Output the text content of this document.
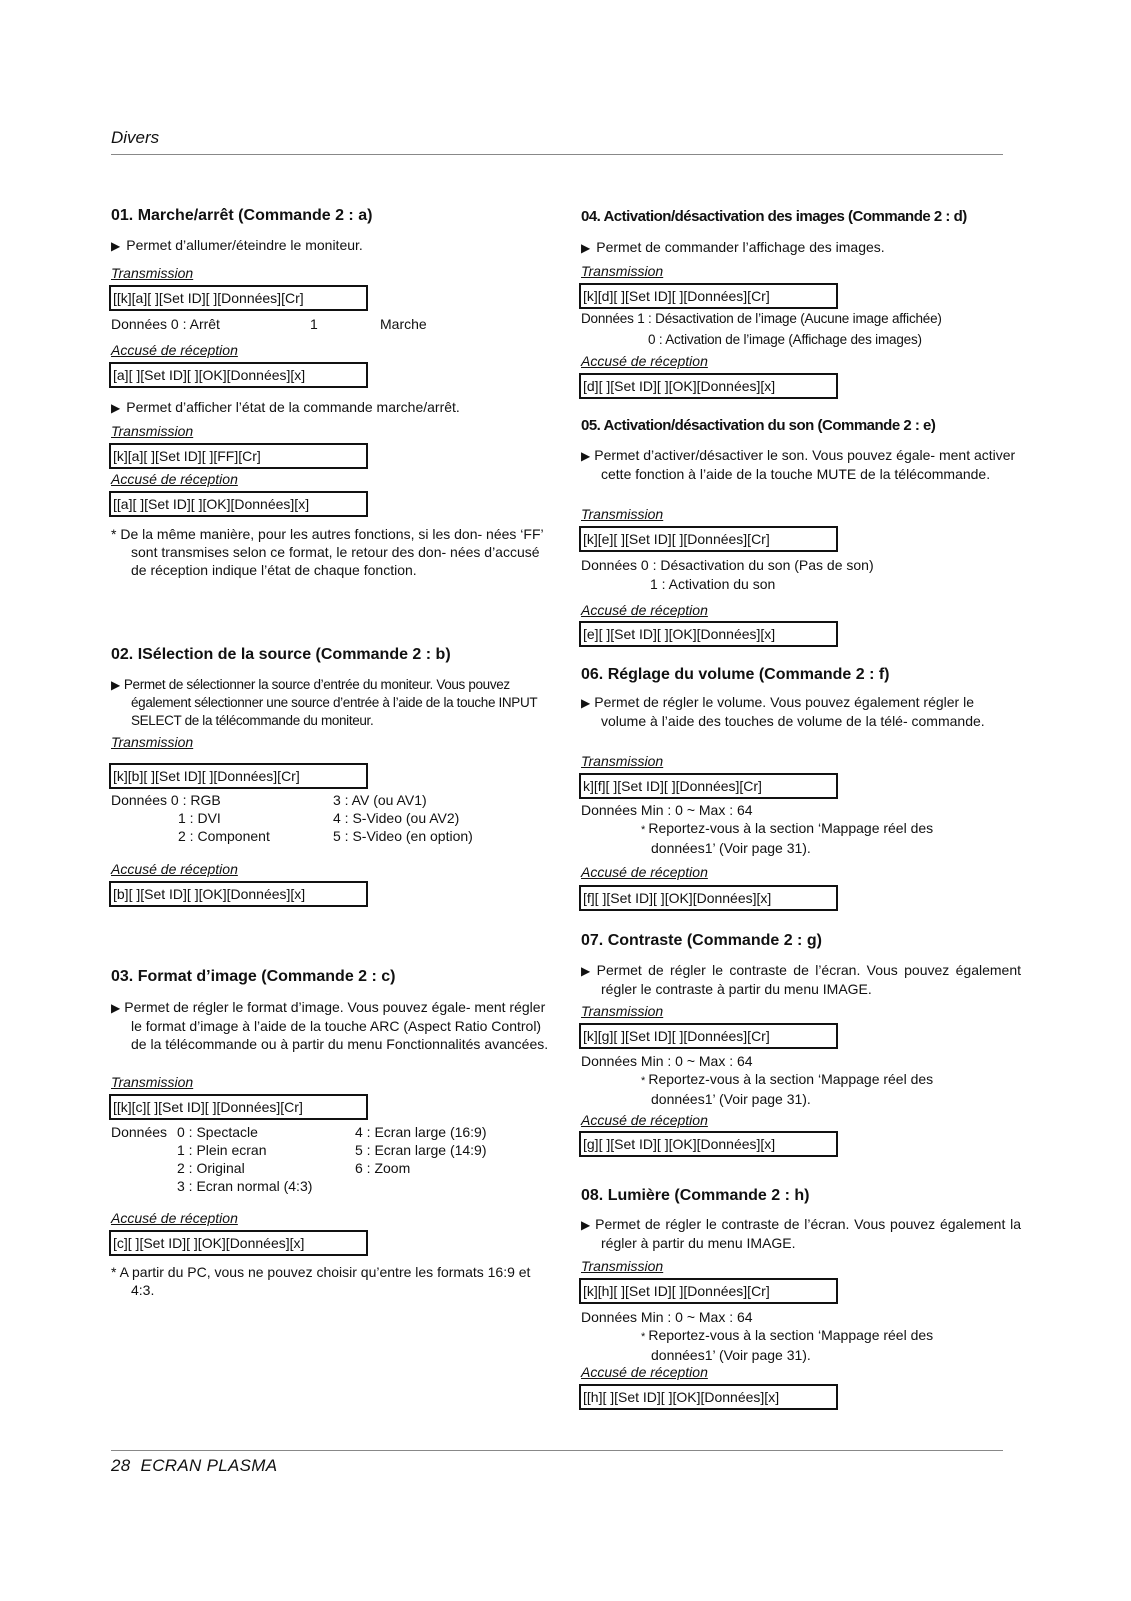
Divers
28  ECRAN PLASMA
01. Marche/arrêt (Commande 2 : a)
▶ Permet d’allumer/éteindre le moniteur.
Transmission
[[k][a][ ][Set ID][ ][Données][Cr]
Données 0 : Arrêt	1	Marche
Accusé de réception
[a][ ][Set ID][ ][OK][Données][x]
▶ Permet d’afficher l’état de la commande marche/arrêt.
Transmission
[k][a][ ][Set ID][ ][FF][Cr]
Accusé de réception
[[a][ ][Set ID][ ][OK][Données][x]
* De la même manière, pour les autres fonctions, si les don- nées ‘FF’ sont transmises selon ce format, le retour des don- nées d’accusé de réception indique l’état de chaque fonction.
02. ISélection de la source (Commande 2 : b)
▶ Permet de sélectionner la source d’entrée du moniteur. Vous pouvez également sélectionner une source d’entrée à l’aide de la touche INPUT SELECT de la télécommande du moniteur.
Transmission
[k][b][ ][Set ID][ ][Données][Cr]
Données 0 : RGB
1 : DVI
2 : Component
3 : AV (ou AV1)
4 : S-Video (ou AV2)
5 : S-Video (en option)
Accusé de réception
[b][ ][Set ID][ ][OK][Données][x]
03. Format d’image (Commande 2 : c)
▶ Permet de régler le format d’image. Vous pouvez égale- ment régler le format d’image à l’aide de la touche ARC (Aspect Ratio Control) de la télécommande ou à partir du menu Fonctionnalités avancées.
Transmission
[[k][c][ ][Set ID][ ][Données][Cr]
Données 0 : Spectacle
1 : Plein ecran
2 : Original
3 : Ecran normal (4:3)
4 : Ecran large (16:9)
5 : Ecran large (14:9)
6 : Zoom
Accusé de réception
[c][ ][Set ID][ ][OK][Données][x]
* A partir du PC, vous ne pouvez choisir qu’entre les formats 16:9 et 4:3.
04. Activation/désactivation des images (Commande 2 : d)
▶ Permet de commander l’affichage des images.
Transmission
[k][d][ ][Set ID][ ][Données][Cr]
Données 1 : Désactivation de l’image (Aucune image affichée)
0 : Activation de l’image (Affichage des images)
Accusé de réception
[d][ ][Set ID][ ][OK][Données][x]
05. Activation/désactivation du son (Commande 2 : e)
▶ Permet d’activer/désactiver le son. Vous pouvez égale- ment activer cette fonction à l’aide de la touche MUTE de la télécommande.
Transmission
[k][e][ ][Set ID][ ][Données][Cr]
Données 0 : Désactivation du son (Pas de son)
1 : Activation du son
Accusé de réception
[e][ ][Set ID][ ][OK][Données][x]
06. Réglage du volume (Commande 2 : f)
▶ Permet de régler le volume. Vous pouvez également régler le volume à l’aide des touches de volume de la télé- commande.
Transmission
k][f][ ][Set ID][ ][Données][Cr]
Données Min : 0 ~ Max : 64
* Reportez-vous à la section ‘Mappage réel des données1’ (Voir page 31).
Accusé de réception
[f][ ][Set ID][ ][OK][Données][x]
07. Contraste (Commande 2 : g)
▶ Permet de régler le contraste de l’écran. Vous pouvez également régler le contraste à partir du menu IMAGE.
Transmission
[k][g][ ][Set ID][ ][Données][Cr]
Données Min : 0 ~ Max : 64
* Reportez-vous à la section ‘Mappage réel des données1’ (Voir page 31).
Accusé de réception
[g][ ][Set ID][ ][OK][Données][x]
08. Lumière (Commande 2 : h)
▶ Permet de régler le contraste de l’écran. Vous pouvez également la régler à partir du menu IMAGE.
Transmission
[k][h][ ][Set ID][ ][Données][Cr]
Données Min : 0 ~ Max : 64
* Reportez-vous à la section ‘Mappage réel des données1’ (Voir page 31).
Accusé de réception
[[h][ ][Set ID][ ][OK][Données][x]
